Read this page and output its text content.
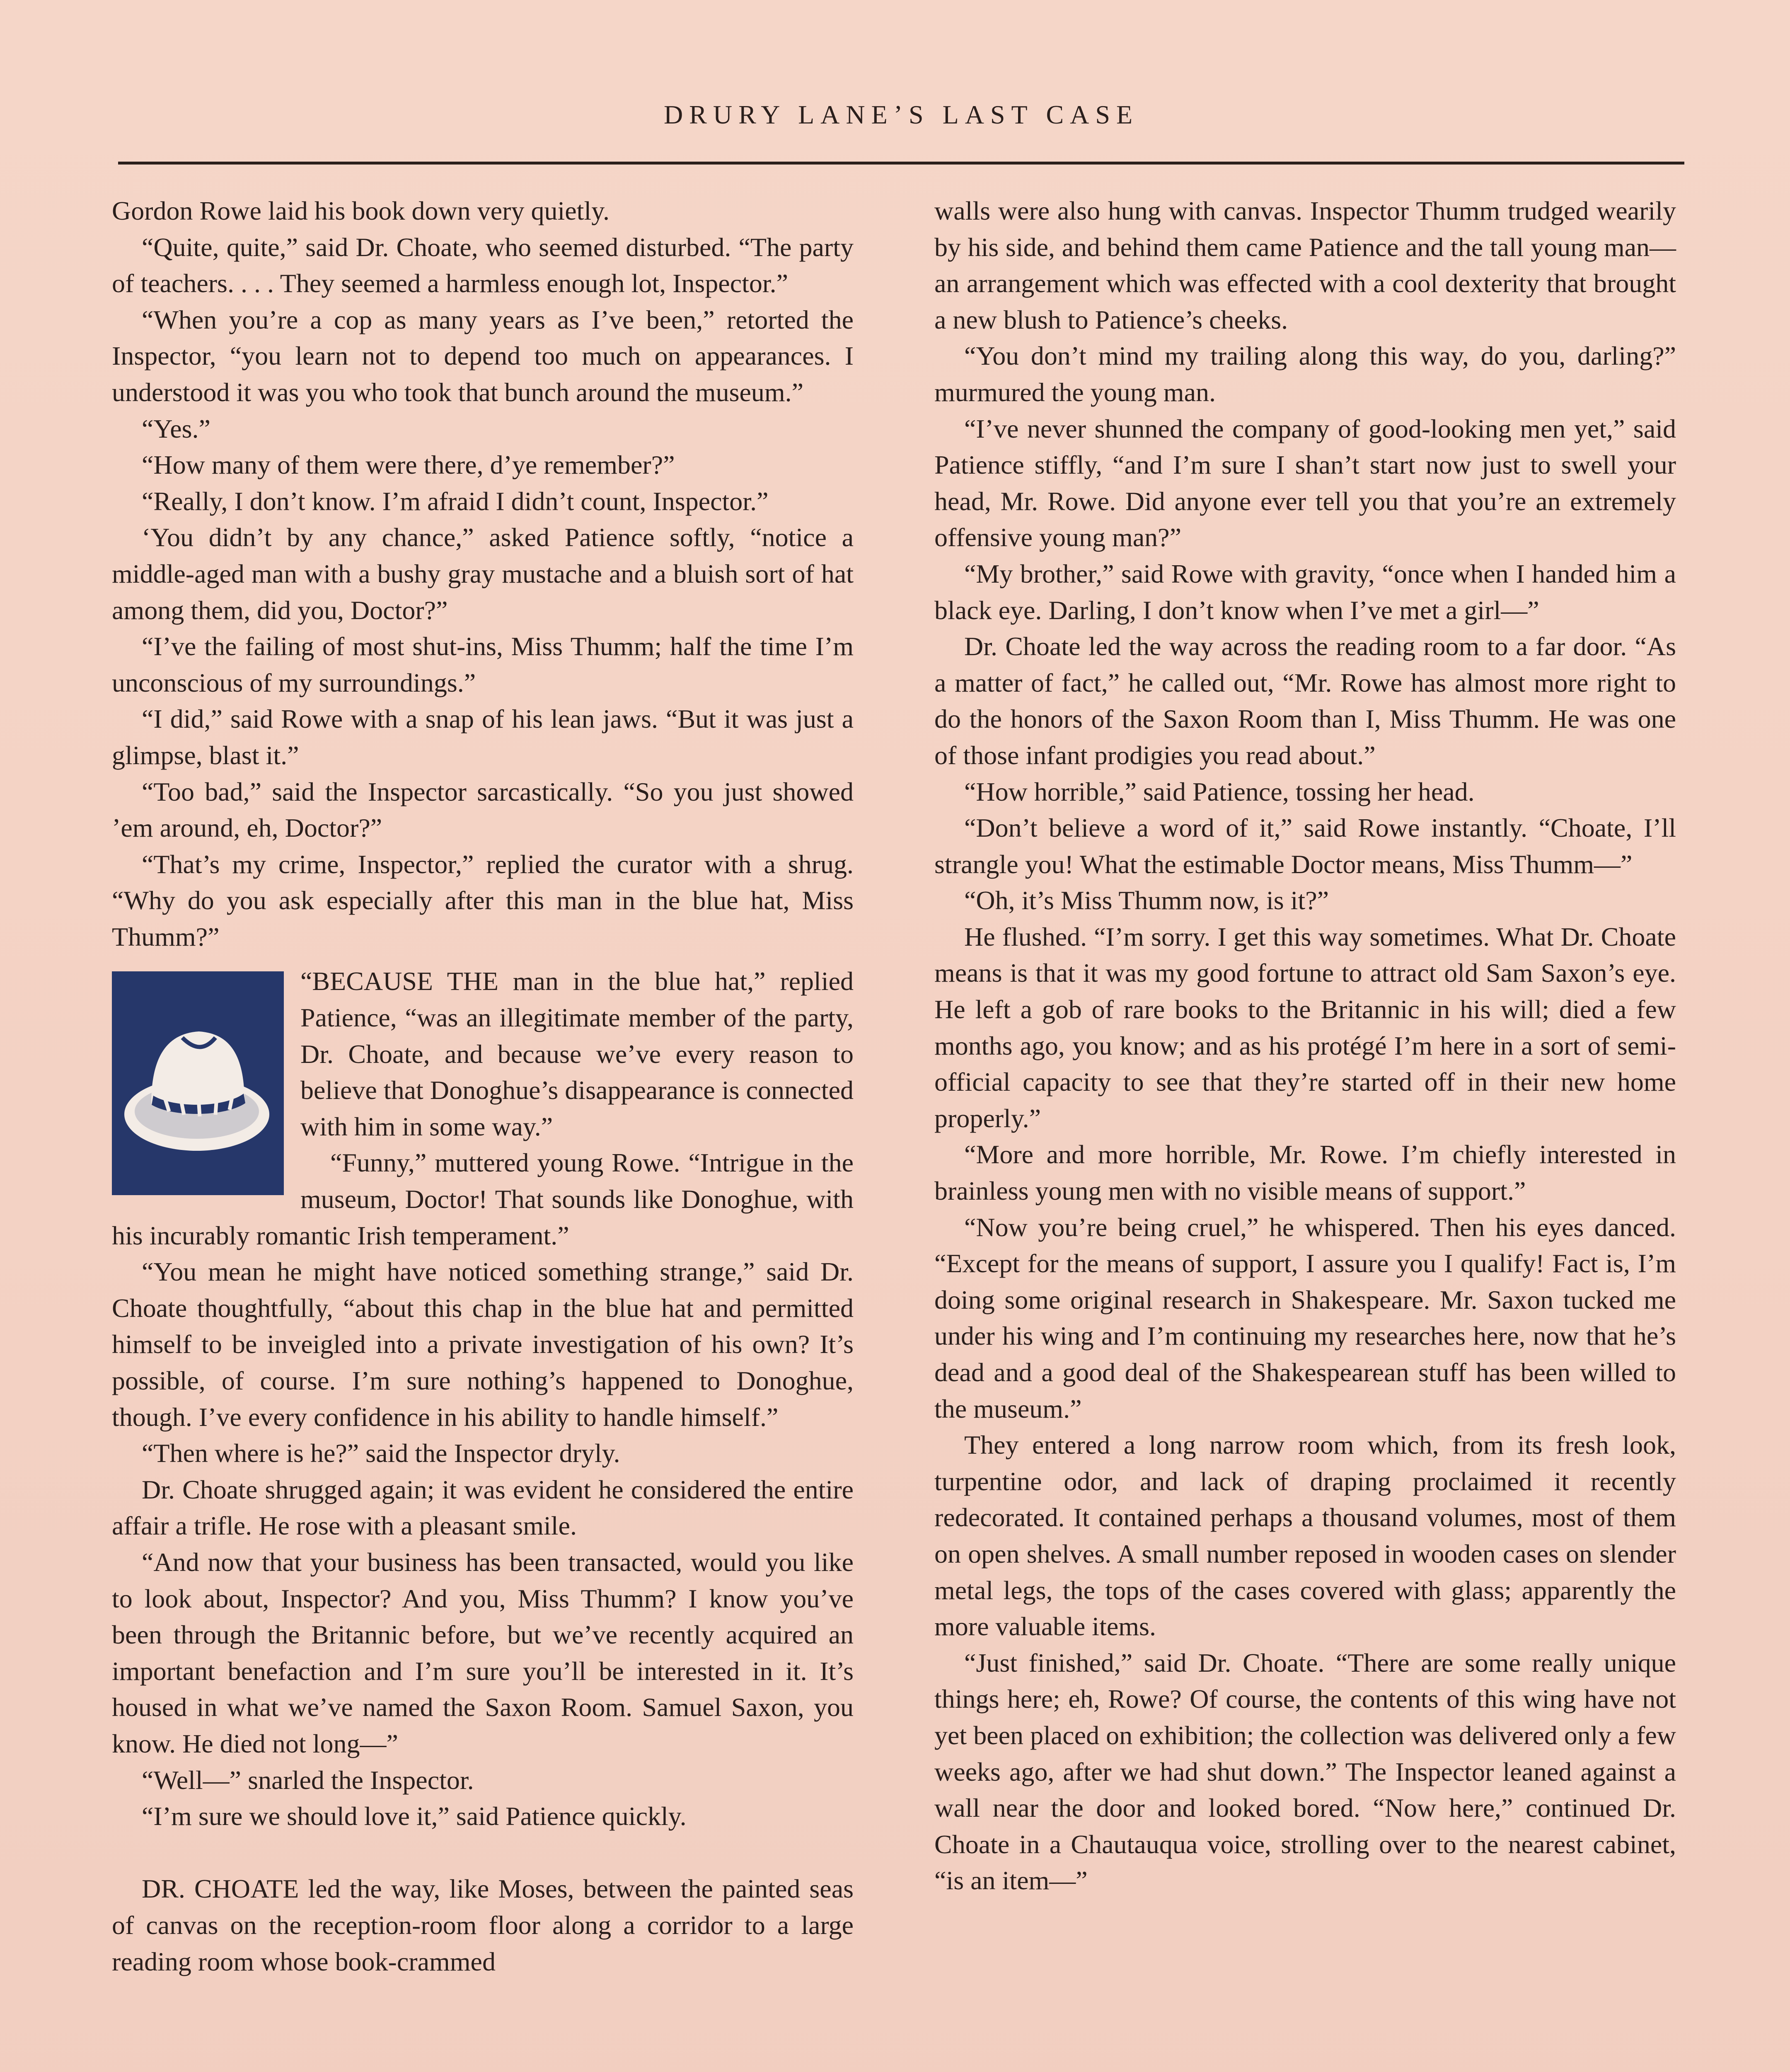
DRURY LANE’S LAST CASE

Gordon Rowe laid his book down very quietly.

“Quite, quite,” said Dr. Choate, who seemed disturbed. “The party of teachers. . . . They seemed a harmless enough lot, Inspector.”

“When you’re a cop as many years as I’ve been,” retorted the Inspector, “you learn not to depend too much on appearances. I understood it was you who took that bunch around the museum.”

“Yes.”

“How many of them were there, d’ye remember?”

“Really, I don’t know. I’m afraid I didn’t count, Inspector.”

‘You didn’t by any chance,” asked Patience softly, “notice a middle-aged man with a bushy gray mustache and a bluish sort of hat among them, did you, Doctor?”

“I’ve the failing of most shut-ins, Miss Thumm; half the time I’m unconscious of my surroundings.”

“I did,” said Rowe with a snap of his lean jaws. “But it was just a glimpse, blast it.”

“Too bad,” said the Inspector sarcastically. “So you just showed ’em around, eh, Doctor?”

“That’s my crime, Inspector,” replied the curator with a shrug. “Why do you ask especially after this man in the blue hat, Miss Thumm?”

“BECAUSE THE man in the blue hat,” replied Patience, “was an illegitimate member of the party, Dr. Choate, and because we’ve every reason to believe that Donoghue’s disappearance is connected with him in some way.”

“Funny,” muttered young Rowe. “Intrigue in the museum, Doctor! That sounds like Donoghue, with his incurably romantic Irish temperament.”

“You mean he might have noticed something strange,” said Dr. Choate thoughtfully, “about this chap in the blue hat and permitted himself to be inveigled into a private investigation of his own? It’s possible, of course. I’m sure nothing’s happened to Donoghue, though. I’ve every confidence in his ability to handle himself.”

“Then where is he?” said the Inspector dryly.

Dr. Choate shrugged again; it was evident he considered the entire affair a trifle. He rose with a pleasant smile.

“And now that your business has been transacted, would you like to look about, Inspector? And you, Miss Thumm? I know you’ve been through the Britannic before, but we’ve recently acquired an important benefaction and I’m sure you’ll be interested in it. It’s housed in what we’ve named the Saxon Room. Samuel Saxon, you know. He died not long—”

“Well—” snarled the Inspector.

“I’m sure we should love it,” said Patience quickly.

DR. CHOATE led the way, like Moses, between the painted seas of canvas on the reception-room floor along a corridor to a large reading room whose book-crammed

walls were also hung with canvas. Inspector Thumm trudged wearily by his side, and behind them came Patience and the tall young man—an arrangement which was effected with a cool dexterity that brought a new blush to Patience’s cheeks.

“You don’t mind my trailing along this way, do you, darling?” murmured the young man.

“I’ve never shunned the company of good-looking men yet,” said Patience stiffly, “and I’m sure I shan’t start now just to swell your head, Mr. Rowe. Did anyone ever tell you that you’re an extremely offensive young man?”

“My brother,” said Rowe with gravity, “once when I handed him a black eye. Darling, I don’t know when I’ve met a girl—”

Dr. Choate led the way across the reading room to a far door. “As a matter of fact,” he called out, “Mr. Rowe has almost more right to do the honors of the Saxon Room than I, Miss Thumm. He was one of those infant prodigies you read about.”

“How horrible,” said Patience, tossing her head.

“Don’t believe a word of it,” said Rowe instantly. “Choate, I’ll strangle you! What the estimable Doctor means, Miss Thumm—”

“Oh, it’s Miss Thumm now, is it?”

He flushed. “I’m sorry. I get this way sometimes. What Dr. Choate means is that it was my good fortune to attract old Sam Saxon’s eye. He left a gob of rare books to the Britannic in his will; died a few months ago, you know; and as his protégé I’m here in a sort of semi-official capacity to see that they’re started off in their new home properly.”

“More and more horrible, Mr. Rowe. I’m chiefly interested in brainless young men with no visible means of support.”

“Now you’re being cruel,” he whispered. Then his eyes danced. “Except for the means of support, I assure you I qualify! Fact is, I’m doing some original research in Shakespeare. Mr. Saxon tucked me under his wing and I’m continuing my researches here, now that he’s dead and a good deal of the Shakespearean stuff has been willed to the museum.”

They entered a long narrow room which, from its fresh look, turpentine odor, and lack of draping proclaimed it recently redecorated. It contained perhaps a thousand volumes, most of them on open shelves. A small number reposed in wooden cases on slender metal legs, the tops of the cases covered with glass; apparently the more valuable items.

“Just finished,” said Dr. Choate. “There are some really unique things here; eh, Rowe? Of course, the contents of this wing have not yet been placed on exhibition; the collection was delivered only a few weeks ago, after we had shut down.” The Inspector leaned against a wall near the door and looked bored. “Now here,” continued Dr. Choate in a Chautauqua voice, strolling over to the nearest cabinet, “is an item—”
